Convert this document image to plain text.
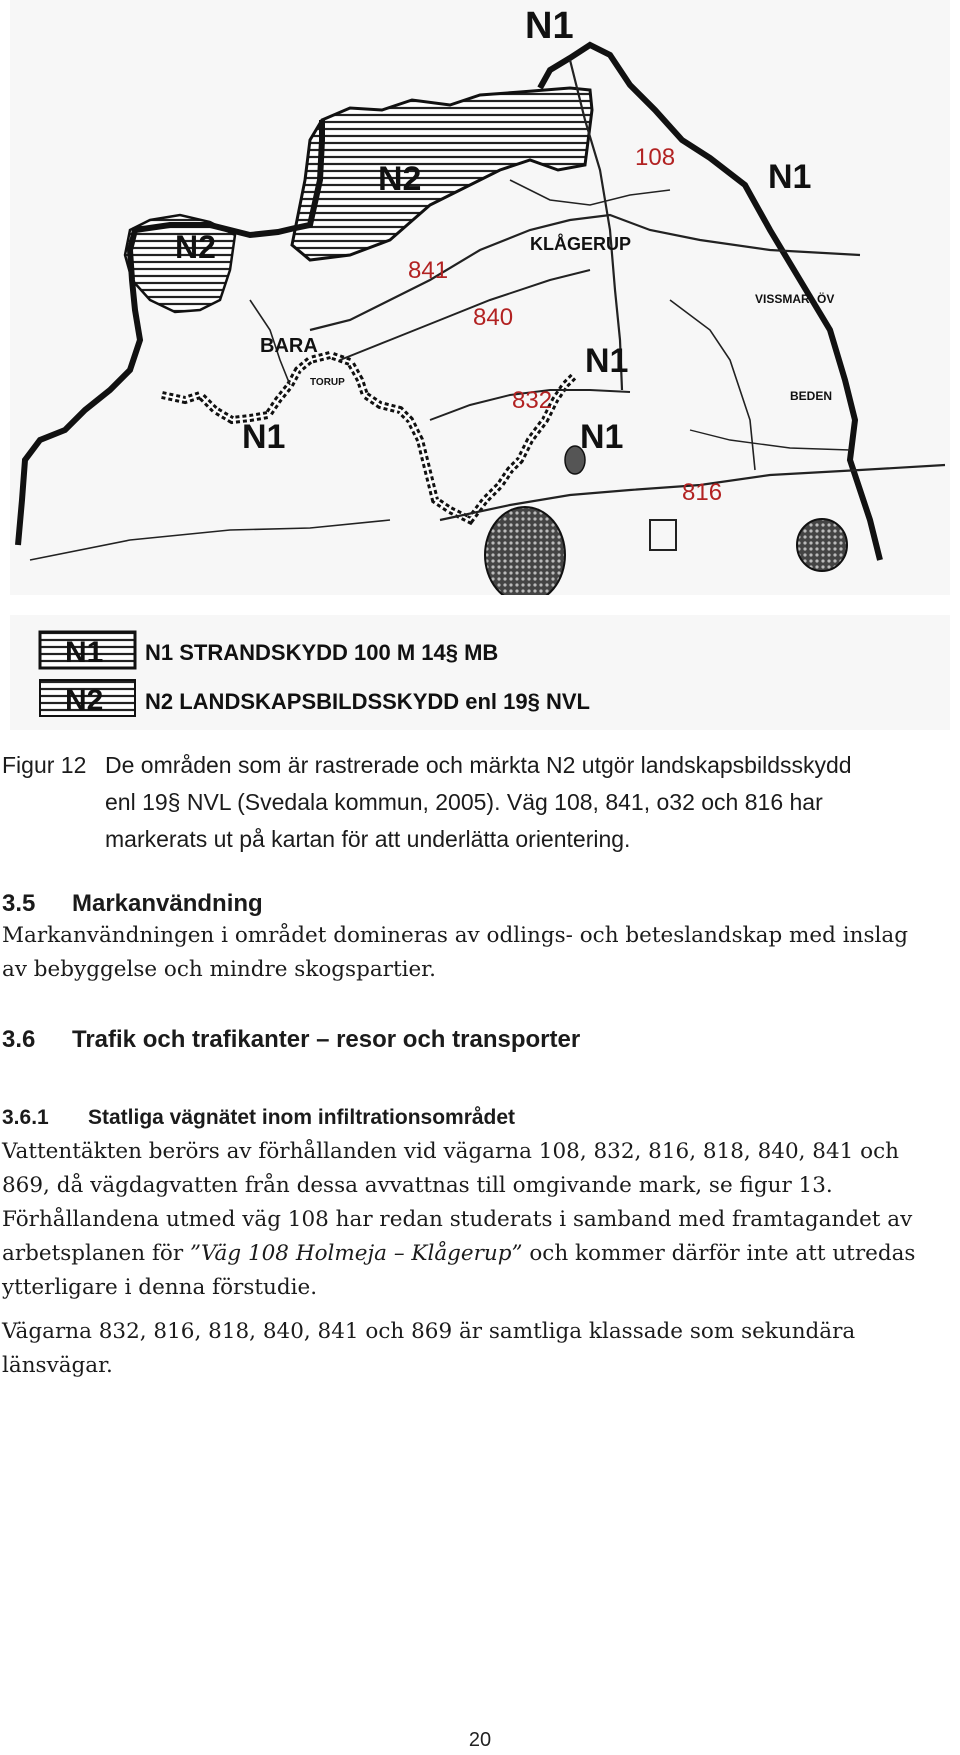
N1
N1
N1
N1
N1
N2
N2	KLÅGERUP
BARA
TORUP
VISSMARLÖV
BEDEN
108
841
840
832
816
N1 N1 STRANDSKYDD 100 M 14§ MB
N2 N2 LANDSKAPSBILDSSKYDD enl 19§ NVL
Figur 12 De områden som är rastrerade och märkta N2 utgör landskapsbildsskydd
enl 19§ NVL (Svedala kommun, 2005). Väg 108, 841, o32 och 816 har
markerats ut på kartan för att underlätta orientering.
3.5 Markanvändning
Markanvändningen i området domineras av odlings- och beteslandskap med inslag
av bebyggelse och mindre skogspartier.
3.6 Trafik och trafikanter – resor och transporter
3.6.1 Statliga vägnätet inom infiltrationsområdet
Vattentäkten berörs av förhållanden vid vägarna 108, 832, 816, 818, 840, 841 och
869, då vägdagvatten från dessa avvattnas till omgivande mark, se figur 13.
Förhållandena utmed väg 108 har redan studerats i samband med framtagandet av
arbetsplanen för ”Väg 108 Holmeja – Klågerup” och kommer därför inte att utredas
ytterligare i denna förstudie.
Vägarna 832, 816, 818, 840, 841 och 869 är samtliga klassade som sekundära
länsvägar.
20
